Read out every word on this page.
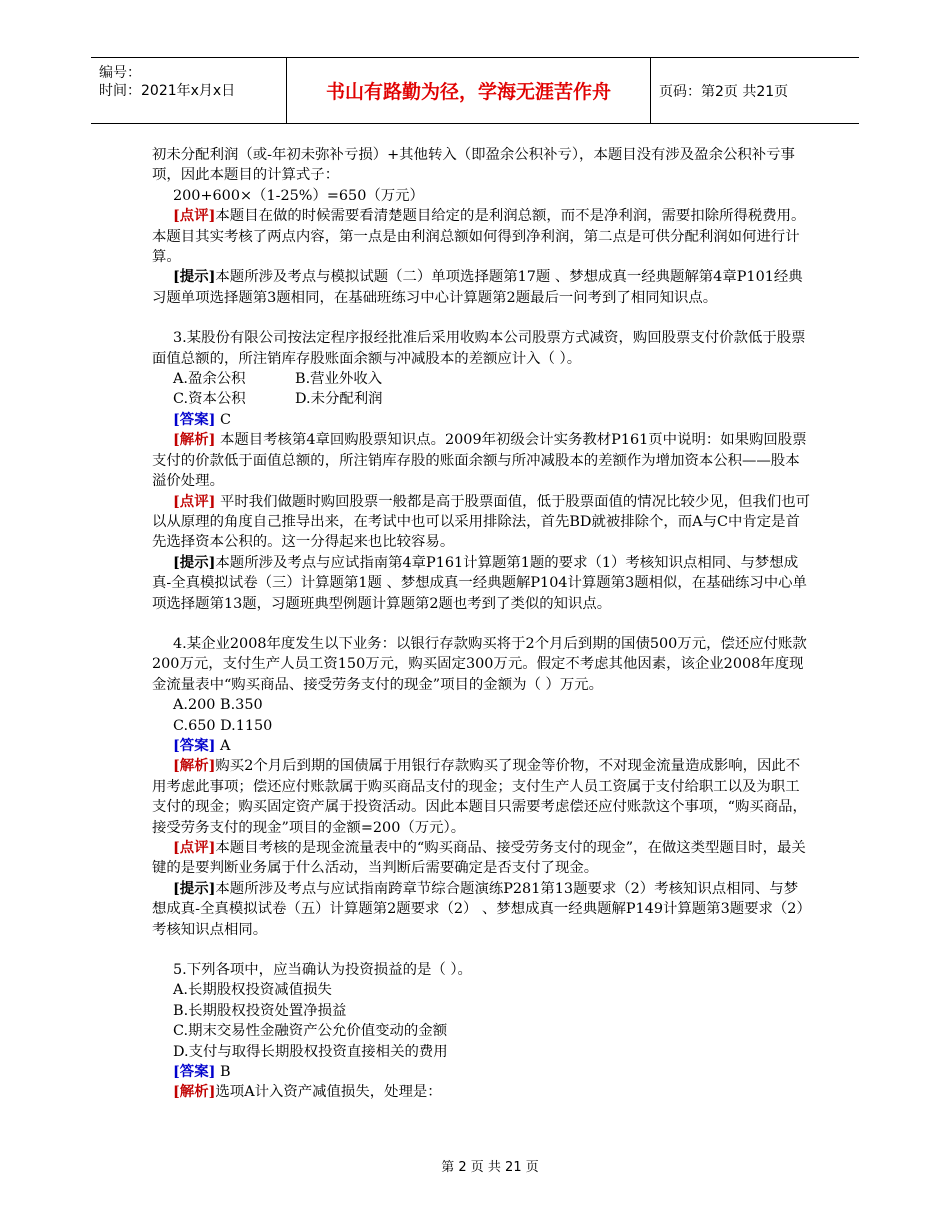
编号：
时间：2021年x月x日	书山有路勤为径，学海无涯苦作舟	页码：第2页 共21页

初未分配利润（或-年初未弥补亏损）+其他转入（即盈余公积补亏），本题目没有涉及盈余公积补亏事项，因此本题目的计算式子：

200+600×（1-25%）=650（万元）

[点评]本题目在做的时候需要看清楚题目给定的是利润总额，而不是净利润，需要扣除所得税费用。本题目其实考核了两点内容，第一点是由利润总额如何得到净利润，第二点是可供分配利润如何进行计算。

[提示]本题所涉及考点与模拟试题（二）单项选择题第17题 、梦想成真一经典题解第4章P101经典习题单项选择题第3题相同，在基础班练习中心计算题第2题最后一问考到了相同知识点。

3.某股份有限公司按法定程序报经批准后采用收购本公司股票方式减资，购回股票支付价款低于股票面值总额的，所注销库存股账面余额与冲减股本的差额应计入（ ）。

A.盈余公积	B.营业外收入

C.资本公积	D.未分配利润

[答案] C

[解析] 本题目考核第4章回购股票知识点。2009年初级会计实务教材P161页中说明：如果购回股票支付的价款低于面值总额的，所注销库存股的账面余额与所冲减股本的差额作为增加资本公积——股本溢价处理。

[点评] 平时我们做题时购回股票一般都是高于股票面值，低于股票面值的情况比较少见，但我们也可以从原理的角度自己推导出来，在考试中也可以采用排除法，首先BD就被排除个，而A与C中肯定是首先选择资本公积的。这一分得起来也比较容易。

[提示]本题所涉及考点与应试指南第4章P161计算题第1题的要求（1）考核知识点相同、与梦想成真-全真模拟试卷（三）计算题第1题 、梦想成真一经典题解P104计算题第3题相似，在基础练习中心单项选择题第13题，习题班典型例题计算题第2题也考到了类似的知识点。

4.某企业2008年度发生以下业务：以银行存款购买将于2个月后到期的国债500万元，偿还应付账款200万元，支付生产人员工资150万元，购买固定300万元。假定不考虑其他因素，该企业2008年度现金流量表中“购买商品、接受劳务支付的现金”项目的金额为（ ）万元。

A.200 B.350

C.650 D.1150

[答案] A

[解析]购买2个月后到期的国债属于用银行存款购买了现金等价物，不对现金流量造成影响，因此不用考虑此事项；偿还应付账款属于购买商品支付的现金；支付生产人员工资属于支付给职工以及为职工支付的现金；购买固定资产属于投资活动。因此本题目只需要考虑偿还应付账款这个事项，“购买商品，接受劳务支付的现金”项目的金额=200（万元）。

[点评]本题目考核的是现金流量表中的“购买商品、接受劳务支付的现金”，在做这类型题目时，最关键的是要判断业务属于什么活动，当判断后需要确定是否支付了现金。

[提示]本题所涉及考点与应试指南跨章节综合题演练P281第13题要求（2）考核知识点相同、与梦想成真-全真模拟试卷（五）计算题第2题要求（2） 、梦想成真一经典题解P149计算题第3题要求（2）考核知识点相同。

5.下列各项中，应当确认为投资损益的是（ ）。

A.长期股权投资减值损失

B.长期股权投资处置净损益

C.期末交易性金融资产公允价值变动的金额

D.支付与取得长期股权投资直接相关的费用

[答案] B

[解析]选项A计入资产减值损失，处理是：

第 2 页 共 21 页
